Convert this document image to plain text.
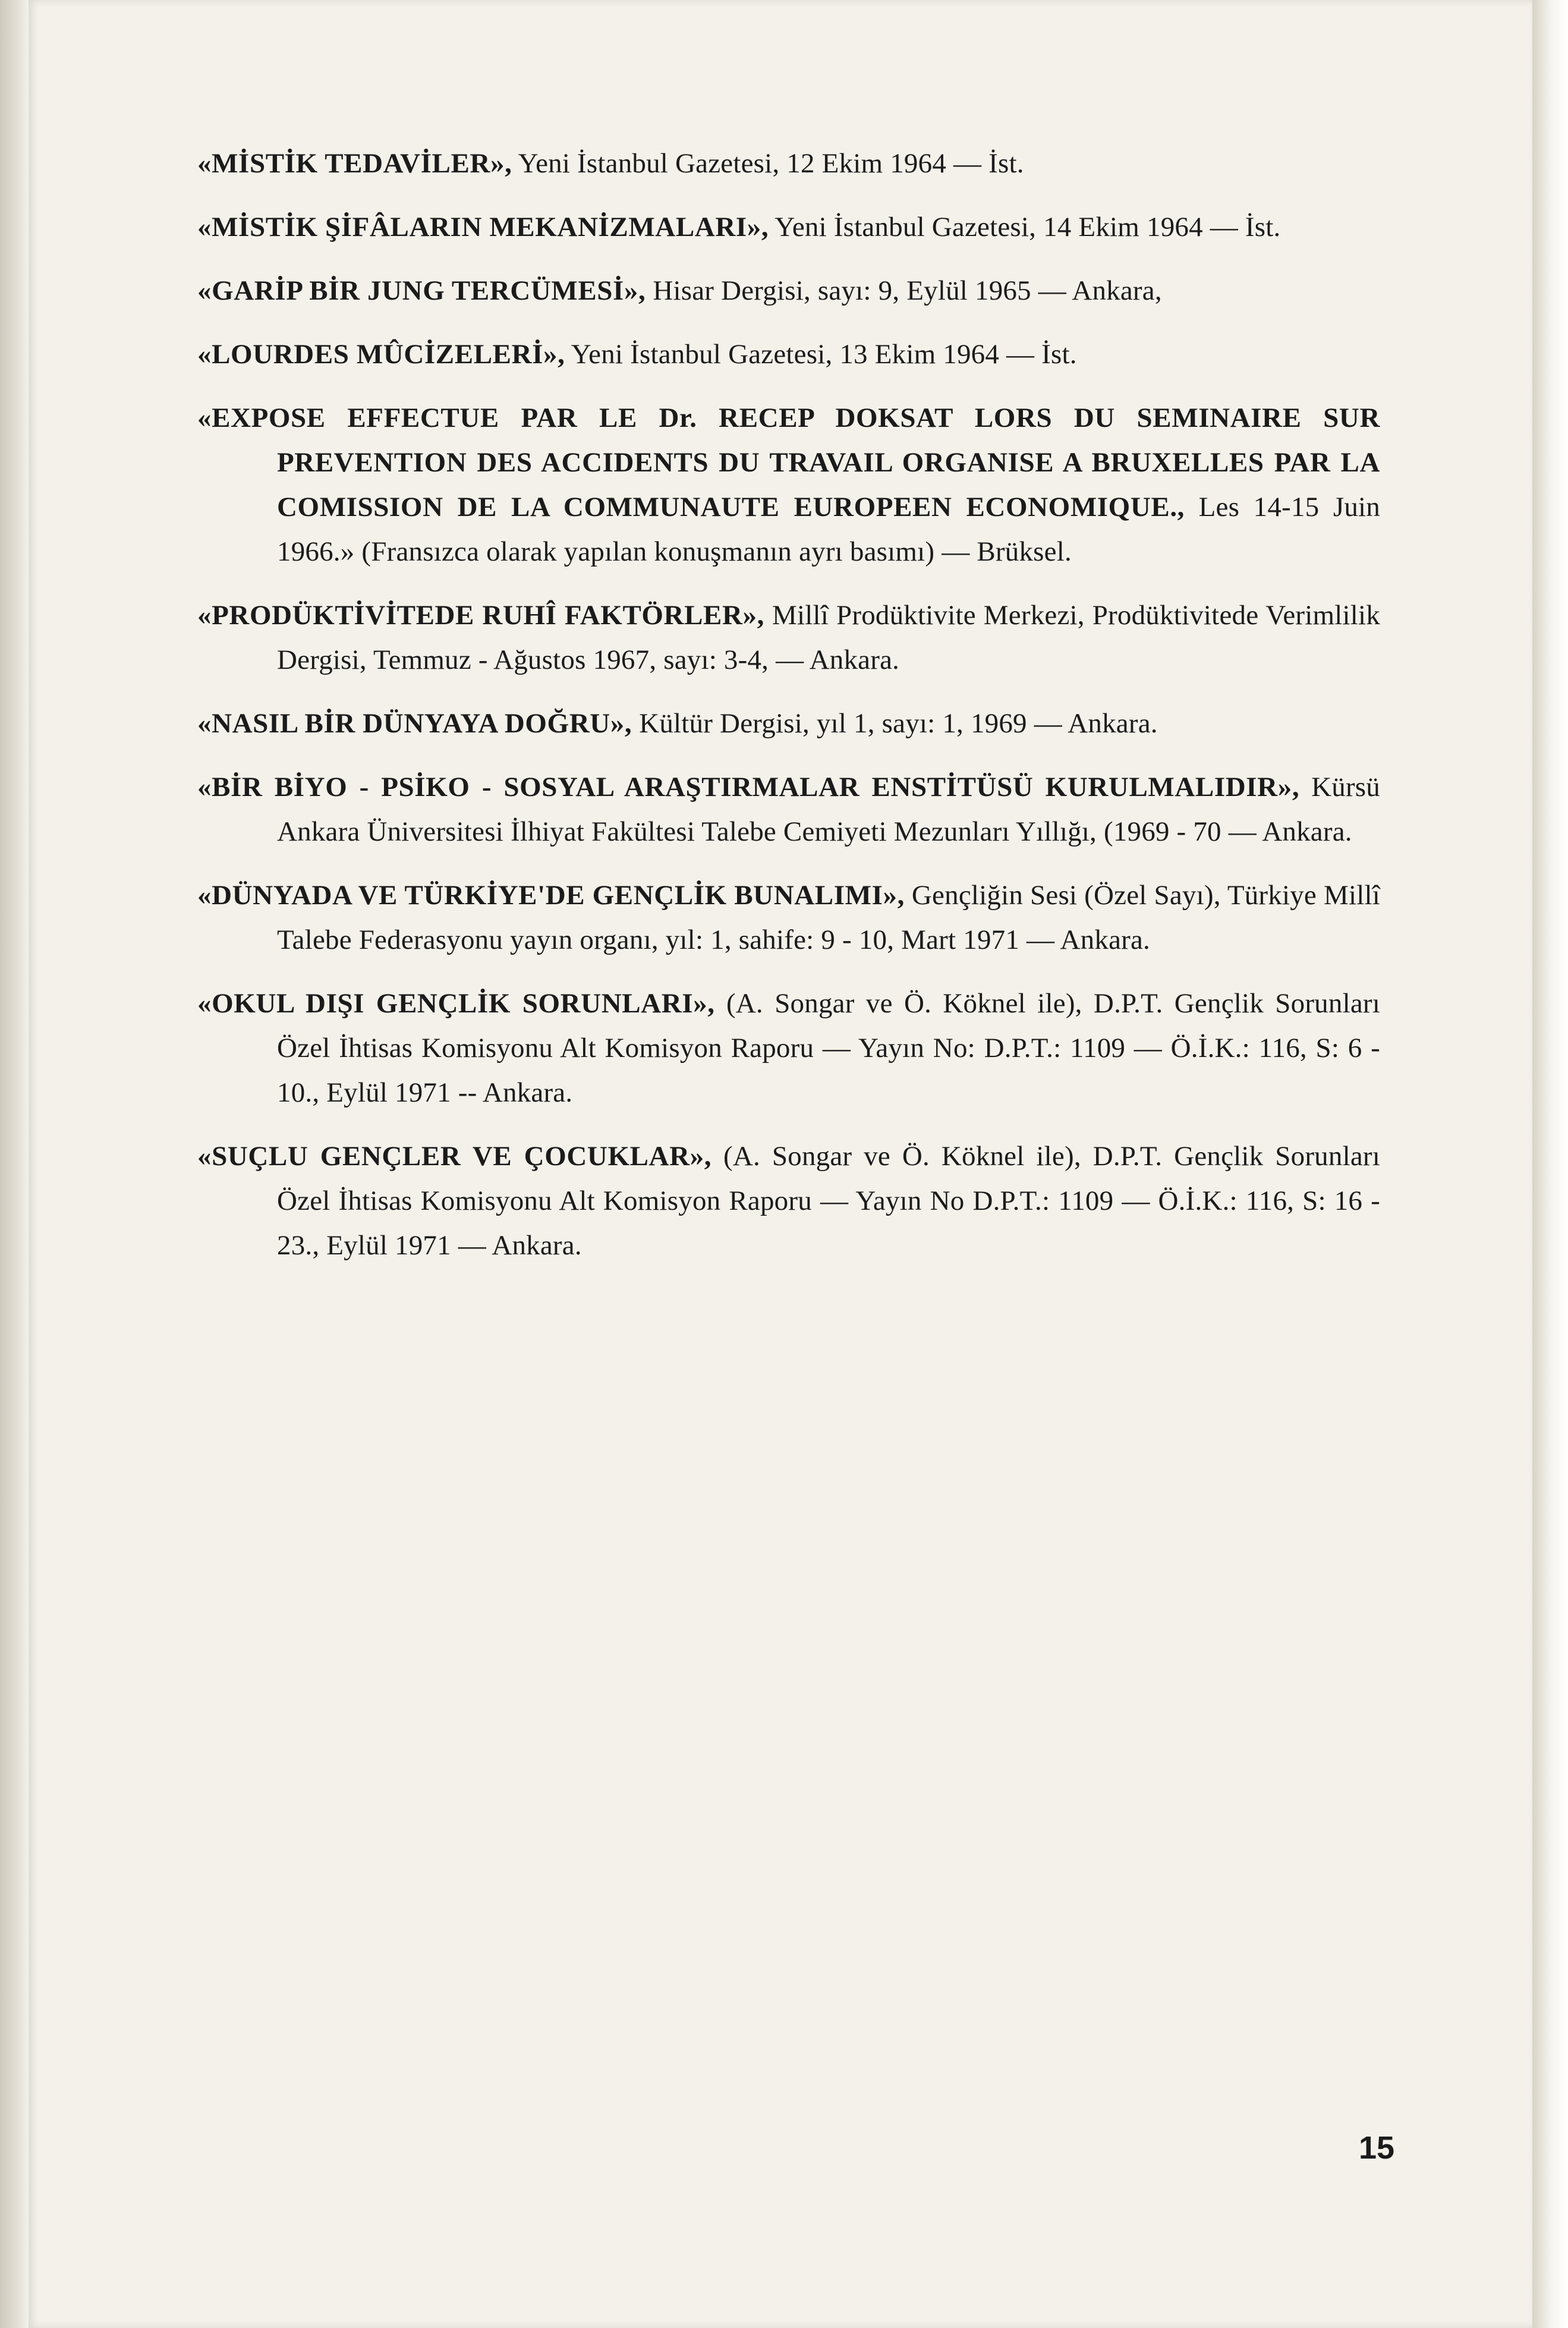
«MİSTİK TEDAVİLER», Yeni İstanbul Gazetesi, 12 Ekim 1964 — İst.

«MİSTİK ŞİFÂLARIN MEKANİZMALARI», Yeni İstanbul Gazetesi, 14 Ekim 1964 — İst.

«GARİP BİR JUNG TERCÜMESİ», Hisar Dergisi, sayı: 9, Eylül 1965 — Ankara,

«LOURDES MÛCİZELERİ», Yeni İstanbul Gazetesi, 13 Ekim 1964 — İst.

«EXPOSE EFFECTUE PAR LE Dr. RECEP DOKSAT LORS DU SEMINAIRE SUR PREVENTION DES ACCIDENTS DU TRAVAIL ORGANISE A BRUXELLES PAR LA COMISSION DE LA COMMUNAUTE EUROPEEN ECONOMIQUE., Les 14-15 Juin 1966.» (Fransızca olarak yapılan konuşmanın ayrı basımı) — Brüksel.

«PRODÜKTİVİTEDE RUHÎ FAKTÖRLER», Millî Prodüktivite Merkezi, Prodüktivitede Verimlilik Dergisi, Temmuz - Ağustos 1967, sayı: 3-4, — Ankara.

«NASIL BİR DÜNYAYA DOĞRU», Kültür Dergisi, yıl 1, sayı: 1, 1969 — Ankara.

«BİR BİYO - PSİKO - SOSYAL ARAŞTIRMALAR ENSTİTÜSÜ KURULMALIDIR», Kürsü Ankara Üniversitesi İlhiyat Fakültesi Talebe Cemiyeti Mezunları Yıllığı, (1969 - 70 — Ankara.

«DÜNYADA VE TÜRKİYE'DE GENÇLİK BUNALIMI», Gençliğin Sesi (Özel Sayı), Türkiye Millî Talebe Federasyonu yayın organı, yıl: 1, sahife: 9 - 10, Mart 1971 — Ankara.

«OKUL DIŞI GENÇLİK SORUNLARI», (A. Songar ve Ö. Köknel ile), D.P.T. Gençlik Sorunları Özel İhtisas Komisyonu Alt Komisyon Raporu — Yayın No: D.P.T.: 1109 — Ö.İ.K.: 116, S: 6 - 10., Eylül 1971 -- Ankara.

«SUÇLU GENÇLER VE ÇOCUKLAR», (A. Songar ve Ö. Köknel ile), D.P.T. Gençlik Sorunları Özel İhtisas Komisyonu Alt Komisyon Raporu — Yayın No D.P.T.: 1109 — Ö.İ.K.: 116, S: 16 - 23., Eylül 1971 — Ankara.

15
